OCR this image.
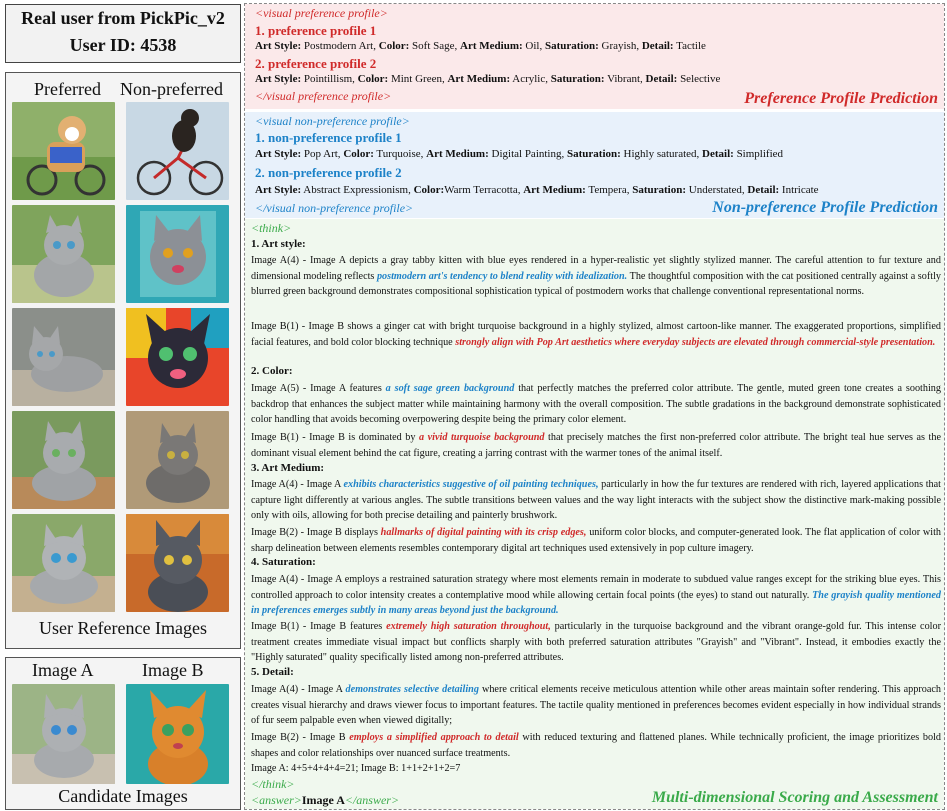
Real user from PickPic_v2
User ID: 4538
Preferred Non-preferred
User Reference Images
Image A	Image B
Candidate Images
<visual preference profile>
1. preference profile 1
Art Style: Postmodern Art, Color: Soft Sage, Art Medium: Oil, Saturation: Grayish, Detail: Tactile
2. preference profile 2
Art Style: Pointillism, Color: Mint Green, Art Medium: Acrylic, Saturation: Vibrant, Detail: Selective
</visual preference profile>	Preference Profile Prediction
<visual non-preference profile>
1. non-preference profile 1
Art Style: Pop Art, Color: Turquoise, Art Medium: Digital Painting, Saturation: Highly saturated, Detail: Simplified
2. non-preference profile 2
Art Style: Abstract Expressionism, Color:Warm Terracotta, Art Medium: Tempera, Saturation: Understated, Detail: Intricate
</visual non-preference profile>	Non-preference Profile Prediction
<think>
1. Art style:
Image A(4) - Image A depicts a gray tabby kitten with blue eyes rendered in a hyper-realistic yet slightly stylized manner. The careful attention to fur texture and dimensional modeling reflects postmodern art's tendency to blend reality with idealization. The thoughtful composition with the cat positioned centrally against a softly blurred green background demonstrates compositional sophistication typical of postmodern works that challenge conventional representational norms.
Image B(1) - Image B shows a ginger cat with bright turquoise background in a highly stylized, almost cartoon-like manner. The exaggerated proportions, simplified facial features, and bold color blocking technique strongly align with Pop Art aesthetics where everyday subjects are elevated through commercial-style presentation.
2. Color:
Image A(5) - Image A features a soft sage green background that perfectly matches the preferred color attribute. The gentle, muted green tone creates a soothing backdrop that enhances the subject matter while maintaining harmony with the overall composition. The subtle gradations in the background demonstrate sophisticated color handling that avoids becoming overpowering despite being the primary color element.
Image B(1) - Image B is dominated by a vivid turquoise background that precisely matches the first non-preferred color attribute. The bright teal hue serves as the dominant visual element behind the cat figure, creating a jarring contrast with the warmer tones of the animal itself.
3. Art Medium:
Image A(4) - Image A exhibits characteristics suggestive of oil painting techniques, particularly in how the fur textures are rendered with rich, layered applications that capture light differently at various angles. The subtle transitions between values and the way light interacts with the subject show the distinctive mark-making possible only with oils, allowing for both precise detailing and painterly brushwork.
Image B(2) - Image B displays hallmarks of digital painting with its crisp edges, uniform color blocks, and computer-generated look. The flat application of color with sharp delineation between elements resembles contemporary digital art techniques used extensively in pop culture imagery.
4. Saturation:
Image A(4) - Image A employs a restrained saturation strategy where most elements remain in moderate to subdued value ranges except for the striking blue eyes. This controlled approach to color intensity creates a contemplative mood while allowing certain focal points (the eyes) to stand out naturally. The grayish quality mentioned in preferences emerges subtly in many areas beyond just the background.
Image B(1) - Image B features extremely high saturation throughout, particularly in the turquoise background and the vibrant orange-gold fur. This intense color treatment creates immediate visual impact but conflicts sharply with both preferred saturation attributes "Grayish" and "Vibrant". Instead, it embodies exactly the "Highly saturated" quality specifically listed among non-preferred attributes.
5. Detail:
Image A(4) - Image A demonstrates selective detailing where critical elements receive meticulous attention while other areas maintain softer rendering. This approach creates visual hierarchy and draws viewer focus to important features. The tactile quality mentioned in preferences becomes evident especially in how individual strands of fur seem palpable even when viewed digitally;
Image B(2) - Image B employs a simplified approach to detail with reduced texturing and flattened planes. While technically proficient, the image prioritizes bold shapes and color relationships over nuanced surface treatments.
Image A: 4+5+4+4+4=21; Image B: 1+1+2+1+2=7
</think>
<answer>Image A</answer>	Multi-dimensional Scoring and Assessment
